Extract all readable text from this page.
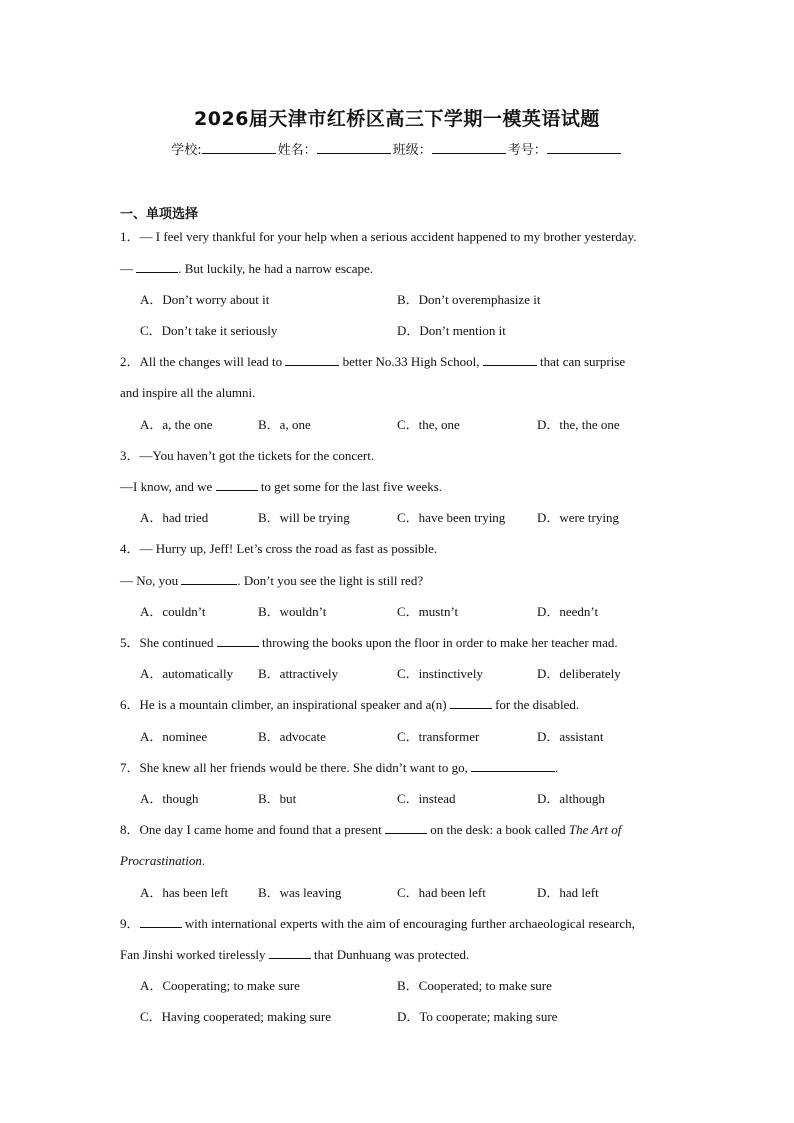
2026届天津市红桥区高三下学期一模英语试题
学校:	姓名：	班级：	考号：
一、单项选择
1．— I feel very thankful for your help when a serious accident happened to my brother yesterday.
—	. But luckily, he had a narrow escape.
A．Don’t worry about it	B．Don’t overemphasize it
C．Don’t take it seriously	D．Don’t mention it
2．All the changes will lead to	better No.33 High School,	that can surprise
and inspire all the alumni.
A．a, the one	B．a, one	C．the, one	D．the, the one
3．—You haven’t got the tickets for the concert.
—I know, and we	to get some for the last five weeks.
A．had tried	B．will be trying	C．have been trying D．were trying
4．— Hurry up, Jeff! Let’s cross the road as fast as possible.
— No, you	. Don’t you see the light is still red?
A．couldn’t	B．wouldn’t	C．mustn’t	D．needn’t
5．She continued	throwing the books upon the floor in order to make her teacher mad.
A．automatically B．attractively	C．instinctively	D．deliberately
6．He is a mountain climber, an inspirational speaker and a(n)	for the disabled.
A．nominee	B．advocate	C．transformer	D．assistant
7．She knew all her friends would be there. She didn’t want to go,	.
A．though	B．but	C．instead	D．although
8．One day I came home and found that a present	on the desk: a book called The Art of
Procrastination.
A．has been left B．was leaving	C．had been left	D．had left
9．	with international experts with the aim of encouraging further archaeological research,
Fan Jinshi worked tirelessly	that Dunhuang was protected.
A．Cooperating; to make sure	B．Cooperated; to make sure
C．Having cooperated; making sure	D．To cooperate; making sure
